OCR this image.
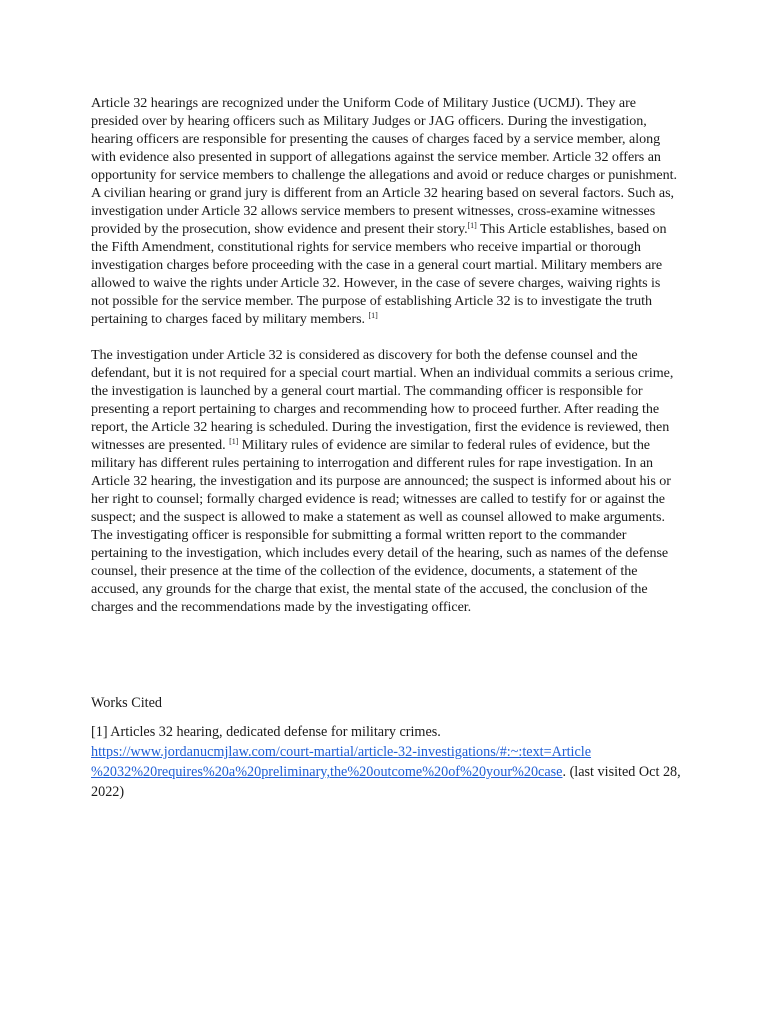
Article 32 hearings are recognized under the Uniform Code of Military Justice (UCMJ). They are presided over by hearing officers such as Military Judges or JAG officers. During the investigation, hearing officers are responsible for presenting the causes of charges faced by a service member, along with evidence also presented in support of allegations against the service member. Article 32 offers an opportunity for service members to challenge the allegations and avoid or reduce charges or punishment. A civilian hearing or grand jury is different from an Article 32 hearing based on several factors. Such as, investigation under Article 32 allows service members to present witnesses, cross-examine witnesses provided by the prosecution, show evidence and present their story.[1] This Article establishes, based on the Fifth Amendment, constitutional rights for service members who receive impartial or thorough investigation charges before proceeding with the case in a general court martial. Military members are allowed to waive the rights under Article 32. However, in the case of severe charges, waiving rights is not possible for the service member. The purpose of establishing Article 32 is to investigate the truth pertaining to charges faced by military members. [1]

The investigation under Article 32 is considered as discovery for both the defense counsel and the defendant, but it is not required for a special court martial. When an individual commits a serious crime, the investigation is launched by a general court martial. The commanding officer is responsible for presenting a report pertaining to charges and recommending how to proceed further. After reading the report, the Article 32 hearing is scheduled. During the investigation, first the evidence is reviewed, then witnesses are presented. [1] Military rules of evidence are similar to federal rules of evidence, but the military has different rules pertaining to interrogation and different rules for rape investigation. In an Article 32 hearing, the investigation and its purpose are announced; the suspect is informed about his or her right to counsel; formally charged evidence is read; witnesses are called to testify for or against the suspect; and the suspect is allowed to make a statement as well as counsel allowed to make arguments. The investigating officer is responsible for submitting a formal written report to the commander pertaining to the investigation, which includes every detail of the hearing, such as names of the defense counsel, their presence at the time of the collection of the evidence, documents, a statement of the accused, any grounds for the charge that exist, the mental state of the accused, the conclusion of the charges and the recommendations made by the investigating officer.

Works Cited

[1] Articles 32 hearing, dedicated defense for military crimes.
https://www.jordanucmjlaw.com/court-martial/article-32-investigations/#:~:text=Article
%2032%20requires%20a%20preliminary,the%20outcome%20of%20your%20case. (last visited Oct 28, 2022)
